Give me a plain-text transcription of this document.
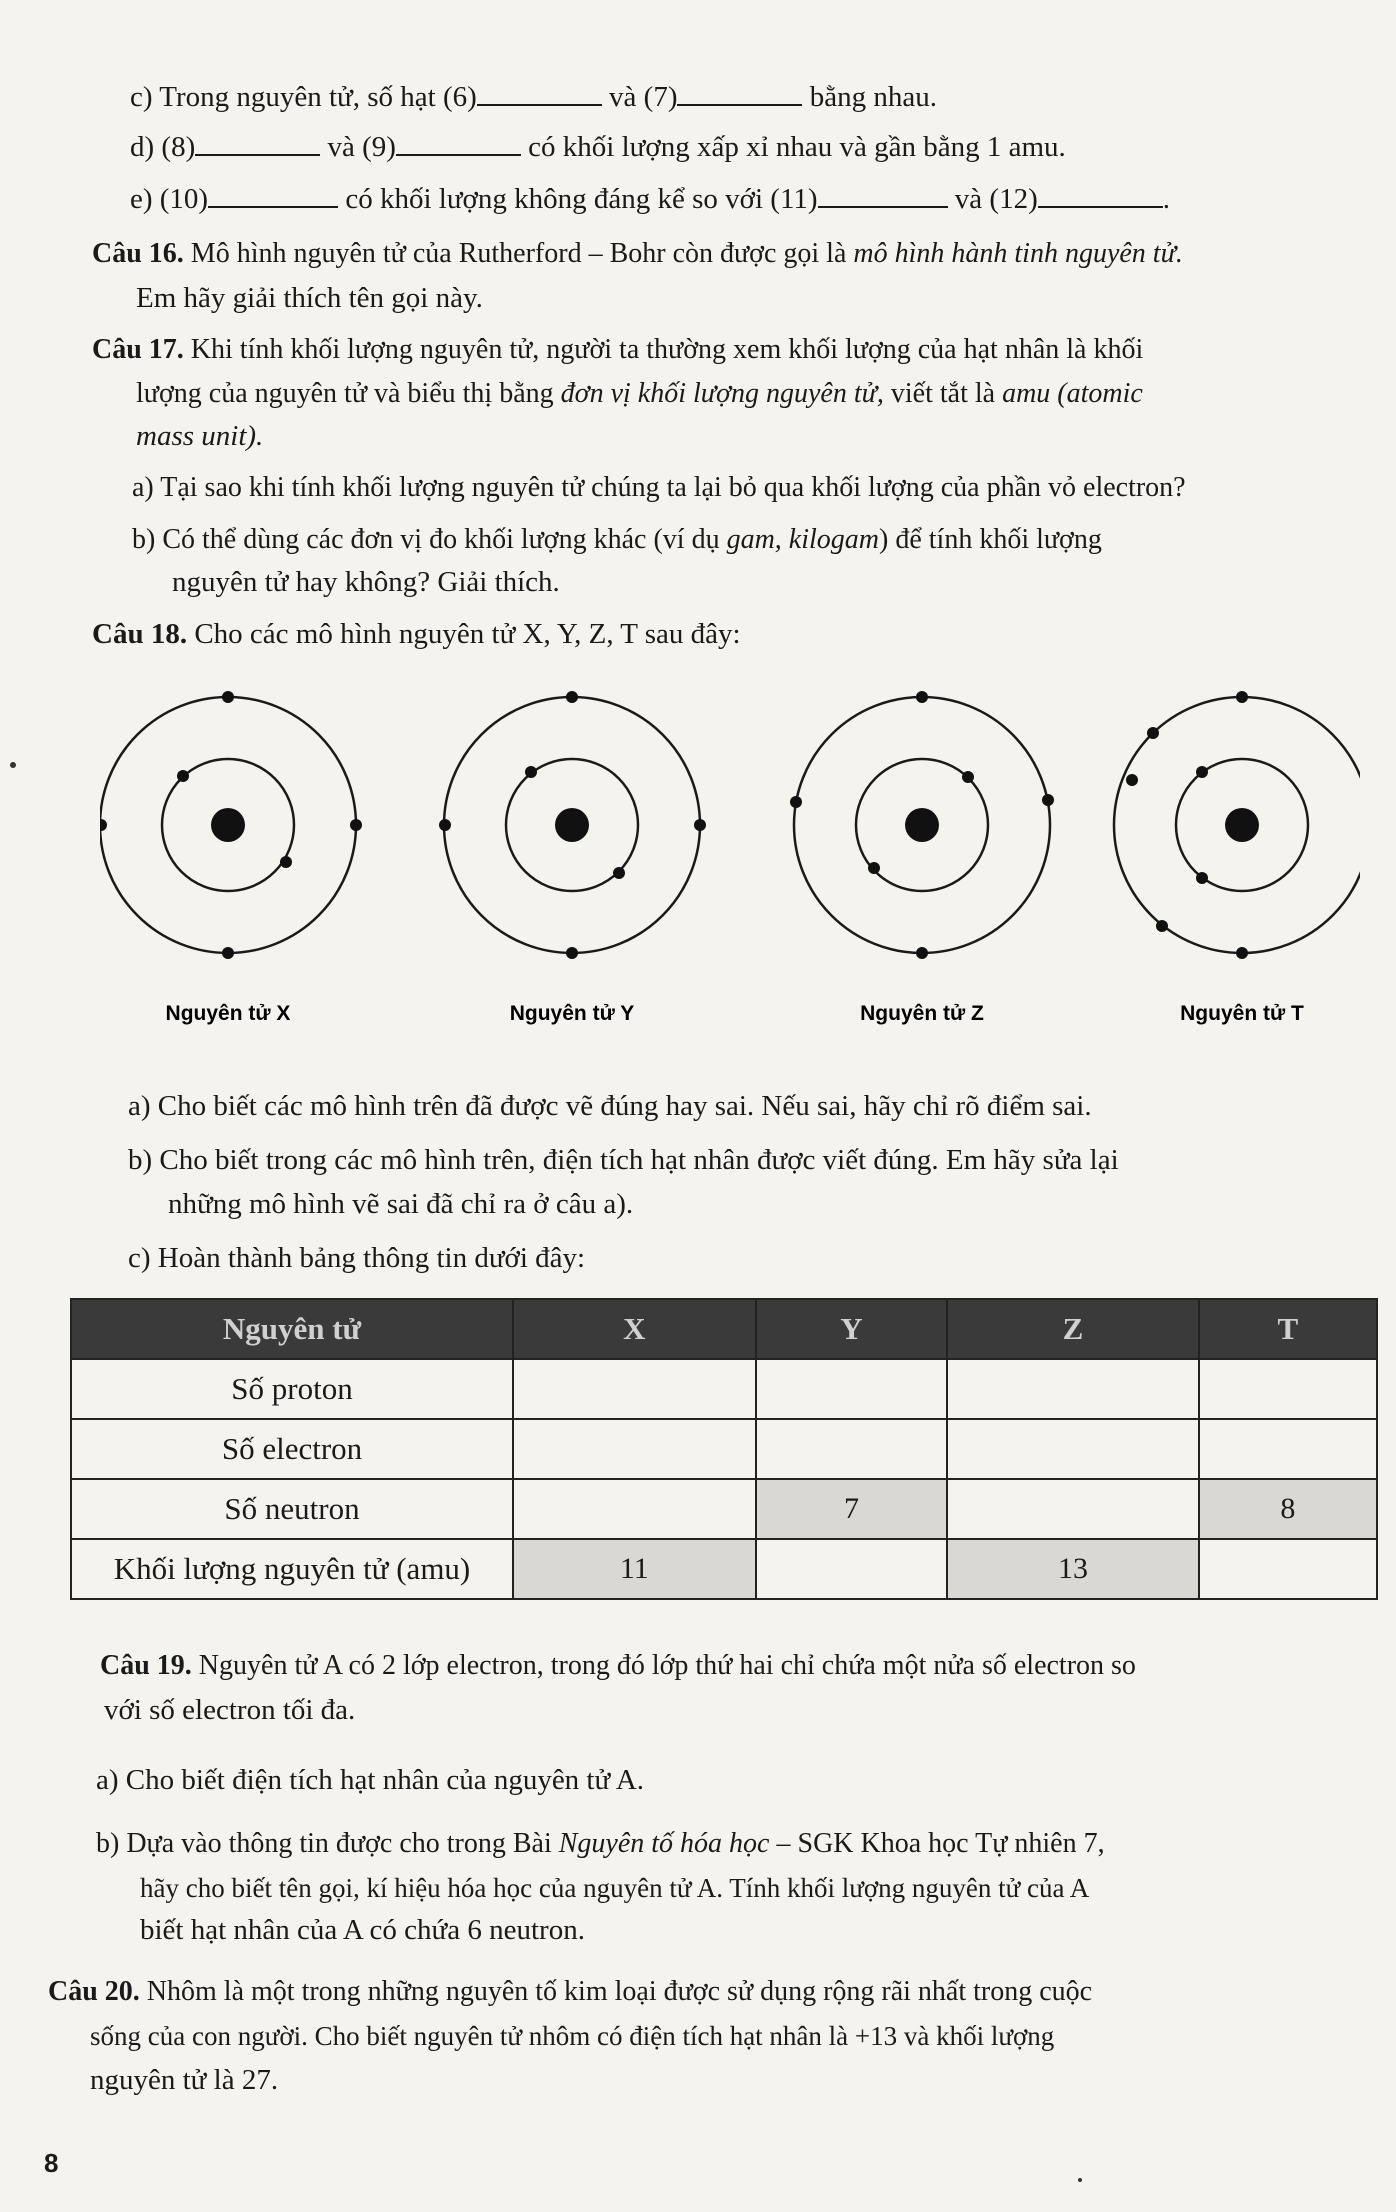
c) Trong nguyên tử, số hạt (6)	và (7)	bằng nhau.
d) (8)	và (9)	có khối lượng xấp xỉ nhau và gần bằng 1 amu.
e) (10)	có khối lượng không đáng kể so với (11)	và (12)	.
Câu 16. Mô hình nguyên tử của Rutherford – Bohr còn được gọi là mô hình hành tinh nguyên tử.
Em hãy giải thích tên gọi này.
Câu 17. Khi tính khối lượng nguyên tử, người ta thường xem khối lượng của hạt nhân là khối
lượng của nguyên tử và biểu thị bằng đơn vị khối lượng nguyên tử, viết tắt là amu (atomic
mass unit).
a) Tại sao khi tính khối lượng nguyên tử chúng ta lại bỏ qua khối lượng của phần vỏ electron?
b) Có thể dùng các đơn vị đo khối lượng khác (ví dụ gam, kilogam) để tính khối lượng
nguyên tử hay không? Giải thích.
Câu 18. Cho các mô hình nguyên tử X, Y, Z, T sau đây:
Nguyên tử X	Nguyên tử Y	Nguyên tử Z	Nguyên tử T
a) Cho biết các mô hình trên đã được vẽ đúng hay sai. Nếu sai, hãy chỉ rõ điểm sai.
b) Cho biết trong các mô hình trên, điện tích hạt nhân được viết đúng. Em hãy sửa lại
những mô hình vẽ sai đã chỉ ra ở câu a).
c) Hoàn thành bảng thông tin dưới đây:
Nguyên tử	X	Y	Z	T
Số proton				
Số electron				
Số neutron		7		8
Khối lượng nguyên tử (amu)	11		13	
Câu 19. Nguyên tử A có 2 lớp electron, trong đó lớp thứ hai chỉ chứa một nửa số electron so
với số electron tối đa.
a) Cho biết điện tích hạt nhân của nguyên tử A.
b) Dựa vào thông tin được cho trong Bài Nguyên tố hóa học – SGK Khoa học Tự nhiên 7,
hãy cho biết tên gọi, kí hiệu hóa học của nguyên tử A. Tính khối lượng nguyên tử của A
biết hạt nhân của A có chứa 6 neutron.
Câu 20. Nhôm là một trong những nguyên tố kim loại được sử dụng rộng rãi nhất trong cuộc
sống của con người. Cho biết nguyên tử nhôm có điện tích hạt nhân là +13 và khối lượng
nguyên tử là 27.
8
